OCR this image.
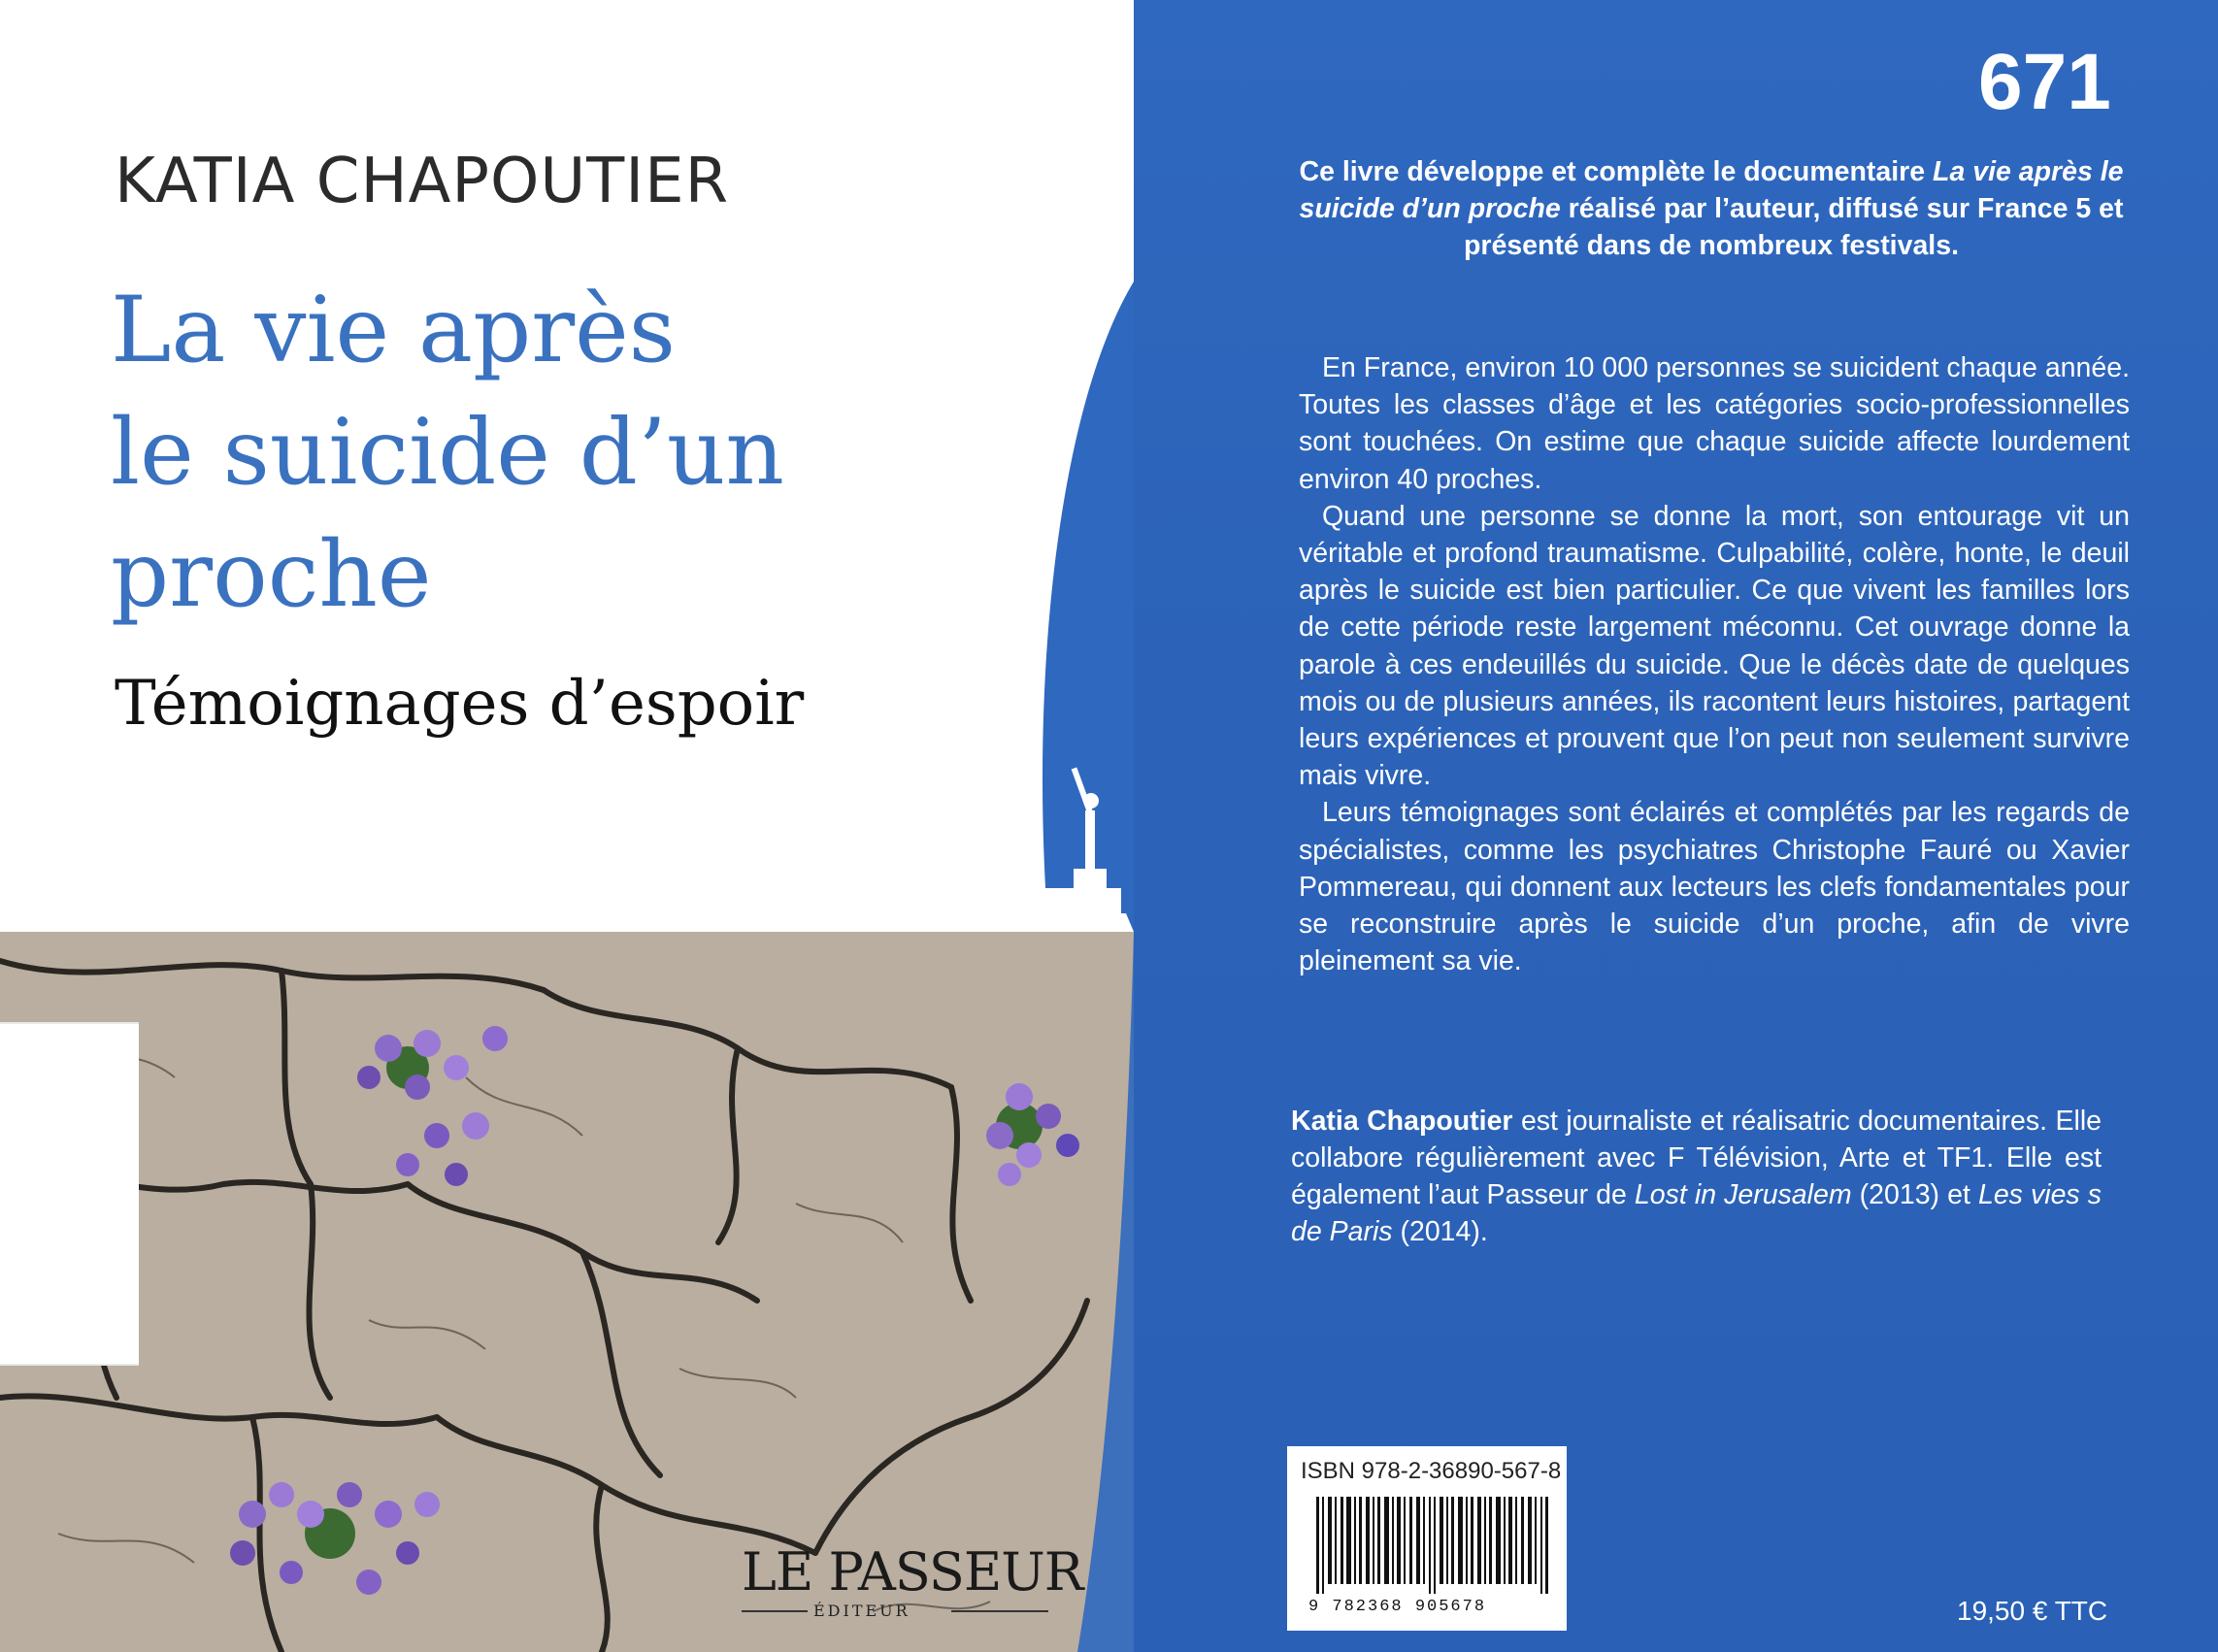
KATIA CHAPOUTIER
La vie après
le suicide d’un
proche
Témoignages d’espoir
LE PASSEUR
ÉDITEUR
671
Ce livre développe et complète le documentaire La vie après le suicide d’un proche réalisé par l’auteur, diffusé sur France 5 et présenté dans de nombreux festivals.

En France, environ 10 000 personnes se suicident chaque année. Toutes les classes d’âge et les catégories socio-professionnelles sont touchées. On estime que chaque suicide affecte lourdement environ 40 proches.

Quand une personne se donne la mort, son entourage vit un véritable et profond traumatisme. Culpabilité, colère, honte, le deuil après le suicide est bien particulier. Ce que vivent les familles lors de cette période reste largement méconnu. Cet ouvrage donne la parole à ces endeuillés du suicide. Que le décès date de quelques mois ou de plusieurs années, ils racontent leurs histoires, partagent leurs expériences et prouvent que l’on peut non seulement survivre mais vivre.

Leurs témoignages sont éclairés et complétés par les regards de spécialistes, comme les psychiatres Christophe Fauré ou Xavier Pommereau, qui donnent aux lecteurs les clefs fondamentales pour se reconstruire après le suicide d’un proche, afin de vivre pleinement sa vie.

Katia Chapoutier est journaliste et réalisatric documentaires. Elle collabore régulièrement avec F Télévision, Arte et TF1. Elle est également l’aut Passeur de Lost in Jerusalem (2013) et Les vies s de Paris (2014).
ISBN 978-2-36890-567-8
9 782368 905678	19,50 € TTC
